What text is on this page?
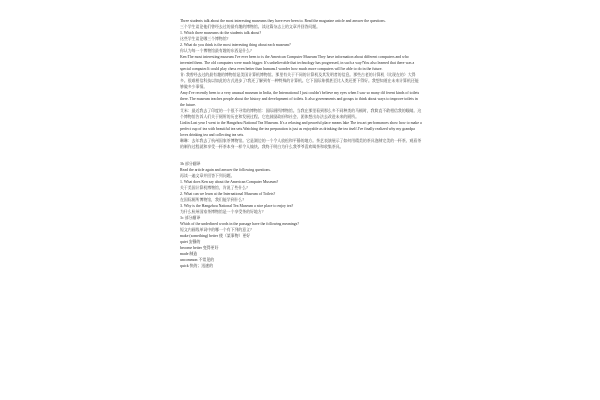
Three students talk about the most interesting museums they have ever been to. Read the magazine article and answer the questions.

三个学生谈论他们曾经去过的最有趣的博物馆。读这篇杂志上的文章并回答问题。

1. Which three museums do the students talk about?

这些学生谈论哪三个博物馆?

2. What do you think is the most interesting thing about each museum?

你认为每一个博物馆最有趣的东西是什么?

Ken:The most interesting museum I've ever been to is the American Computer Museum They have information about different computers and who invented them. The old computers were much bigger. It's unbelievable that technology has progressed, in such a way!You also learned that there was a special computer.It could play chess even better than humans.I wonder how much more computers will be able to do in the future.

肯: 我曾经去过的最有趣的博物馆是美国计算机博物馆。那里有关于不同的计算机及其发明者的信息。那些古老的计算机（比现在的）大得多。很难相信科技以如此的方式进步了!我还了解到有一种特殊的计算机。它下国际象棋甚至比人类还要下得好。我想知道在未来计算机还能够做多少事情。

Amy:I've recently been to a very unusual museum in India, the International I just couldn't believe my eyes when I saw so many dif ferent kinds of toilets there. The museum teaches people about the history and development of toilets. It also governments and groups to think about ways to improve toilets in the future.

艾米：最近我去了印度的一个很不寻常的博物馆：国际厕所博物馆。当我在那里看到那么多不同种类的马桶时，我简直不敢相信我的眼睛。这个博物馆告诉人们关于厕所的历史和发展过程。它也鼓励政府和社会、团体想出办法去改进未来的厕所。

Linlin:Last year I went to the Hangzhou National Tea Museum. It's a relaxing and peaceful place means lake The tea art performances show how to make a perfect cup of tea with beautiful tea sets.Watching the tea preparation is just as enjoyable as drinking the tea itself.I've finally realized why my grandpa loves drinking tea and collecting tea sets.

琳琳：去年我去了杭州国家茶博物馆。它是湖边的一个令人放松和平静的地方。茶艺表演展示了如何用精美的茶具泡制完美的一杯茶。观看茶的制作过程就和享受一杯茶本身一样令人愉快。我终于明白为什么我爷爷喜欢喝茶和收集茶具。

3b 部分翻译

Read the article again and answer the following questions.

再读一遍文章并回答下列问题。

1. What does Ken say about the American Computer Museum?

关于美国计算机博物馆，肯说了些什么?

2. What can we learn at the International Museum of Toilets?

在国际厕所博物馆，我们能学到什么?

3. Why is the Hangzhou National Tea Museum a nice place to enjoy tea?

为什么杭州国家茶博物馆是一个享受茶的好地方?

3c 部分翻译

Which of the underlined words in the passage have the following meanings?

短文内画线单词中的哪一个有下列的意义?

make (something) better 使（某事物）更好

quiet 安静的

become better 变得更好

made 制造

uncommon 不常见的

quick 快的；迅速的
